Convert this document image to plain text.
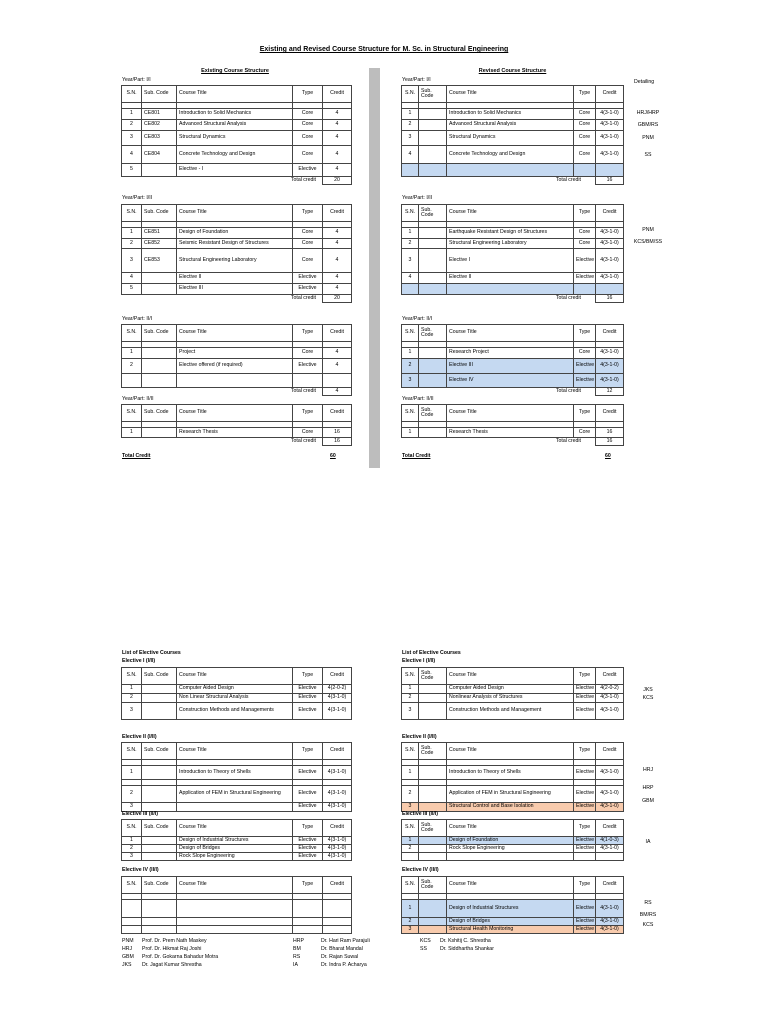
Existing and Revised Course Structure for M. Sc. in Structural Engineering
Existing Course Structure
Year/Part: I/I
S.N.	Sub. Code	Course Title	Type	Credit

1	CE801	Introduction to Solid Mechanics	Core	4
2	CE802	Advanced Structural Analysis	Core	4
3	CE803	Structural Dynamics	Core	4
4	CE804	Concrete Technology and Design	Core	4
5		Elective - I	Elective	4
Total credit				20
Year/Part: I/II
S.N.	Sub. Code	Course Title	Type	Credit

1	CE851	Design of Foundation	Core	4
2	CE852	Seismic Resistant Design of Structures	Core	4
3	CE853	Structural Engineering Laboratory	Core	4
4		Elective II	Elective	4
5		Elective III	Elective	4
Total credit				20
Year/Part: II/I
S.N.	Sub. Code	Course Title	Type	Credit

1		Project	Core	4
2		Elective offered (if required)	Elective	4

Total credit				4
Year/Part: II/II
S.N.	Sub. Code	Course Title	Type	Credit

1		Research Thesis	Core	16
Total credit				16
Total Credit	60
Revised Course Structure
Detailing
Year/Part: I/I
S.N.	Sub. Code	Course Title	Type	Credit

1		Introduction to Solid Mechanics	Core	4(3-1-0)
2		Advanced Structural Analysis	Core	4(3-1-0)
3		Structural Dynamics	Core	4(3-1-0)
4		Concrete Technology and Design	Core	4(3-1-0)

Total credit				16
HRJ/HRP
GBM/RS
PNM
SS
Year/Part: I/II
S.N.	Sub. Code	Course Title	Type	Credit

1		Earthquake Resistant Design of Structures	Core	4(3-1-0)
2		Structural Engineering Laboratory	Core	4(3-1-0)
3		Elective I	Elective	4(3-1-0)
4		Elective II	Elective	4(3-1-0)

Total credit				16
PNM
KCS/BM/SS
Year/Part: II/I
S.N.	Sub. Code	Course Title	Type	Credit

1		Research Project	Core	4(3-1-0)
2		Elective III	Elective	4(3-1-0)
3		Elective IV	Elective	4(3-1-0)
Total credit				12
Year/Part: II/II
S.N.	Sub. Code	Course Title	Type	Credit

1		Research Thesis	Core	16
Total credit				16
Total Credit	60
List of Elective Courses
Elective I (I/II)
S.N.	Sub. Code	Course Title	Type	Credit
1		Computer Aided Design	Elective	4(2-0-2)
2		Non Linear Structural Analysis	Elective	4(3-1-0)
3		Construction Methods and Managements	Elective	4(3-1-0)
Elective II (I/II)
S.N.	Sub. Code	Course Title	Type	Credit

1		Introduction to Theory of Shells	Elective	4(3-1-0)

2		Application of FEM in Structural Engineering	Elective	4(3-1-0)
3			Elective	4(3-1-0)
Elective III (II/I)
S.N.	Sub. Code	Course Title	Type	Credit
1		Design of Industrial Structures	Elective	4(3-1-0)
2		Design of Bridges	Elective	4(3-1-0)
3		Rock Slope Engineering	Elective	4(3-1-0)
Elective IV (II/I)
S.N.	Sub. Code	Course Title	Type	Credit

List of Elective Courses
Elective I (I/II)
S.N.	Sub. Code	Course Title	Type	Credit
1		Computer Aided Design	Elective	4(2-0-2)
2		Nonlinear Analysis of Structures	Elective	4(3-1-0)
3		Construction Methods and Management	Elective	4(3-1-0)
JKS
KCS
Elective II (I/II)
S.N.	Sub. Code	Course Title	Type	Credit

1		Introduction to Theory of Shells	Elective	4(3-1-0)

2		Application of FEM in Structural Engineering	Elective	4(3-1-0)
3		Structural Control and Base Isolation	Elective	4(3-1-0)
HRJ
HRP
GBM
Elective III (II/I)
S.N.	Sub. Code	Course Title	Type	Credit
1		Design of Foundation	Elective	4(1-0-3)
2		Rock Slope Engineering	Elective	4(3-1-0)

IA
Elective IV (II/I)
S.N.	Sub. Code	Course Title	Type	Credit

1		Design of Industrial Structures	Elective	4(3-1-0)
2		Design of Bridges	Elective	4(3-1-0)
3		Structural Health Monitoring	Elective	4(3-1-0)
RS
BM/RS
KCS
PNM Prof. Dr. Prem Nath Maskey
HRJ Prof. Dr. Hikmat Raj Joshi
GBM Prof. Dr. Gokarna Bahadur Motra
JKS Dr. Jagat Kumar Shrestha
HRP	Dr. Hari Ram Parajuli
BM	Dr. Bharat Mandal
RS	Dr. Rajan Suwal
IA	Dr. Indra P. Acharya
KCS Dr. Kshitij C. Shrestha
SS	Dr. Siddhartha Shankar
